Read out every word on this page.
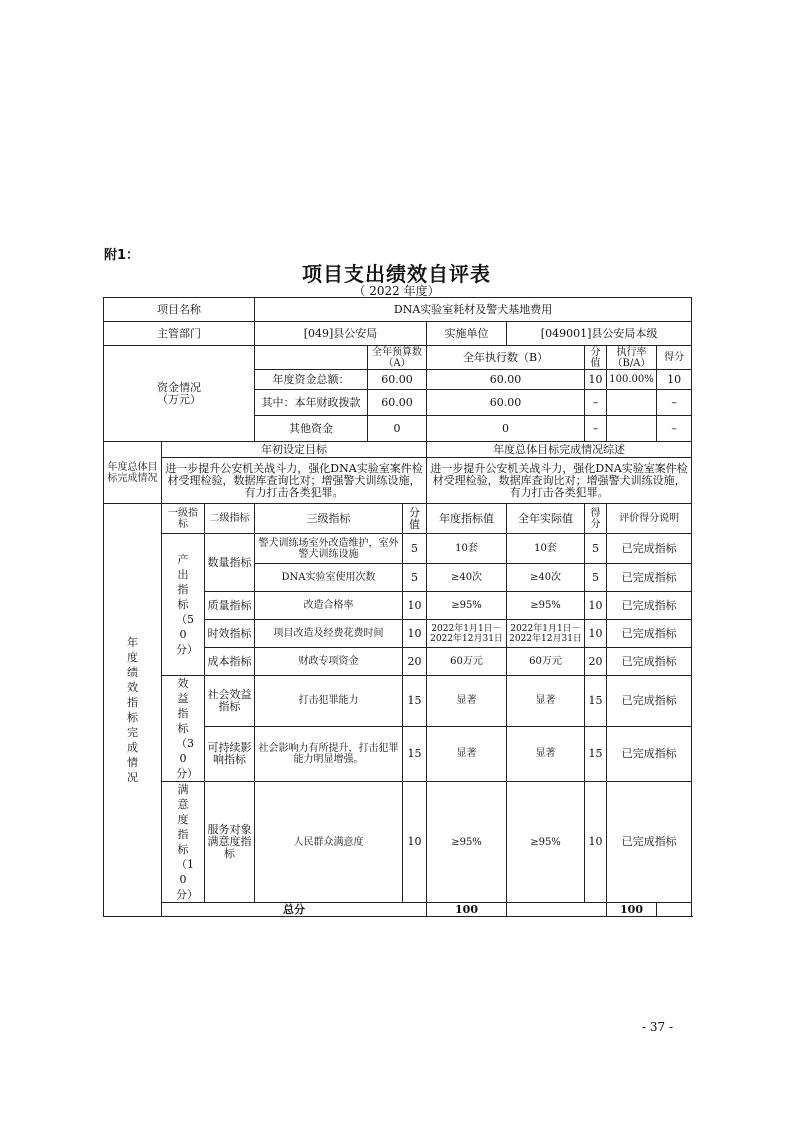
附1：
项目支出绩效自评表
（ 2022 年度）
项目名称			DNA实验室耗材及警犬基地费用							
主管部门			[049]县公安局			实施单位	[049001]县公安局本级			
资金情况
（万元）				全年预算数（A）		全年执行数（B）		分值	执行率（B/A）	得分
			年度资金总额：	60.00		60.00		10	100.00%	10
			其中：本年财政拨款	60.00		60.00		–		–
			其他资金	0		0		–		–
年度总体目标完成情况	年初设定目标					年度总体目标完成情况综述				
	进一步提升公安机关战斗力，强化DNA实验室案件检材受理检验，数据库查询比对；增强警犬训练设施，有力打击各类犯罪。					进一步提升公安机关战斗力，强化DNA实验室案件检材受理检验，数据库查询比对；增强警犬训练设施，有力打击各类犯罪。				
年度绩效指标完成情况	一级指标	二级指标	三级指标		分值	年度指标值	全年实际值	得分	评价得分说明	
	产出指标（50分）	数量指标	警犬训练场室外改造维护，室外警犬训练设施		5	10套	10套	5	已完成指标	
			DNA实验室使用次数		5	≥40次	≥40次	5	已完成指标	
		质量指标	改造合格率		10	≥95%	≥95%	10	已完成指标	
		时效指标	项目改造及经费花费时间		10	2022年1月1日－2022年12月31日	2022年1月1日－2022年12月31日	10	已完成指标	
		成本指标	财政专项资金		20	60万元	60万元	20	已完成指标	
	效益指标（30分）	社会效益指标	打击犯罪能力		15	显著	显著	15	已完成指标	
		可持续影响指标	社会影响力有所提升，打击犯罪能力明显增强。		15	显著	显著	15	已完成指标	
	满意度指标（10分）	服务对象满意度指标	人民群众满意度		10	≥95%	≥95%	10	已完成指标	
	总分					100			100	
- 37 -
